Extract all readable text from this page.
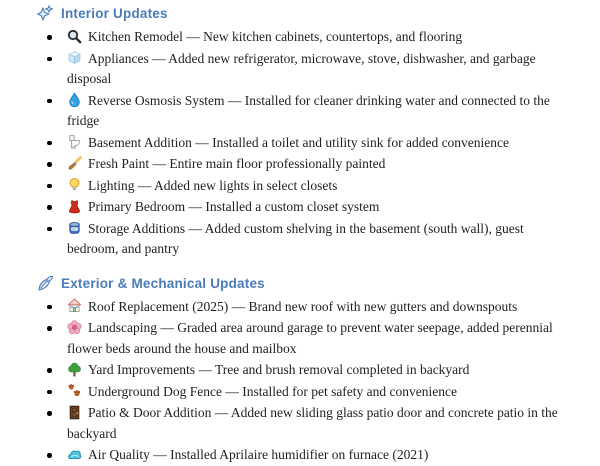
Interior Updates
Kitchen Remodel — New kitchen cabinets, countertops, and flooring
Appliances — Added new refrigerator, microwave, stove, dishwasher, and garbage disposal
Reverse Osmosis System — Installed for cleaner drinking water and connected to the fridge
Basement Addition — Installed a toilet and utility sink for added convenience
Fresh Paint — Entire main floor professionally painted
Lighting — Added new lights in select closets
Primary Bedroom — Installed a custom closet system
Storage Additions — Added custom shelving in the basement (south wall), guest bedroom, and pantry
Exterior & Mechanical Updates
Roof Replacement (2025) — Brand new roof with new gutters and downspouts
Landscaping — Graded area around garage to prevent water seepage, added perennial flower beds around the house and mailbox
Yard Improvements — Tree and brush removal completed in backyard
Underground Dog Fence — Installed for pet safety and convenience
Patio & Door Addition — Added new sliding glass patio door and concrete patio in the backyard
Air Quality — Installed Aprilaire humidifier on furnace (2021)
